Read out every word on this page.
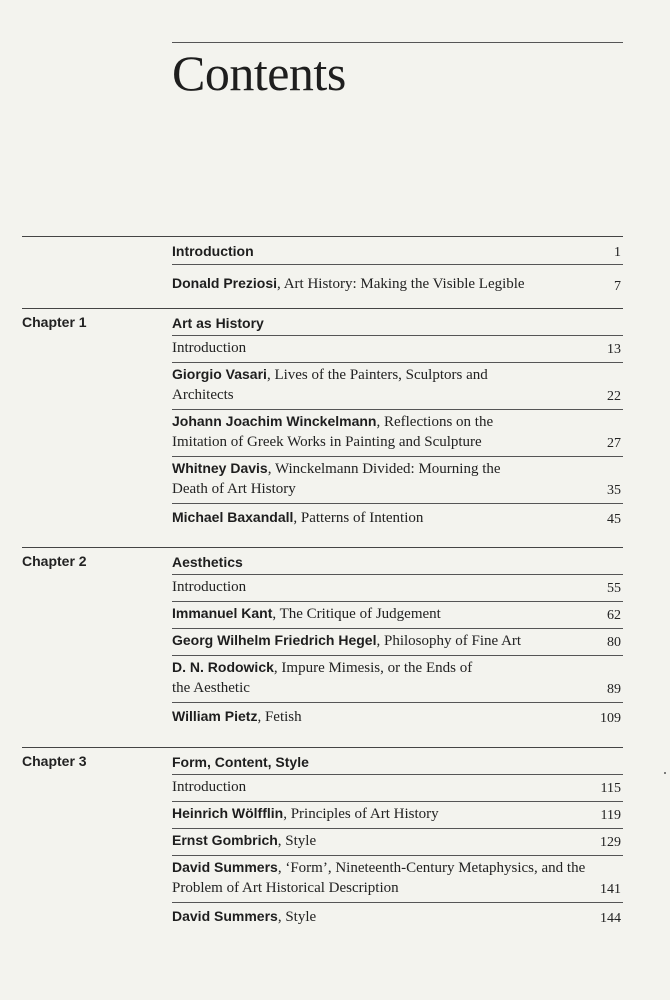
Contents
Introduction	1
Donald Preziosi, Art History: Making the Visible Legible	7
Chapter 1	Art as History
Introduction	13
Giorgio Vasari, Lives of the Painters, Sculptors and Architects	22
Johann Joachim Winckelmann, Reflections on the Imitation of Greek Works in Painting and Sculpture	27
Whitney Davis, Winckelmann Divided: Mourning the Death of Art History	35
Michael Baxandall, Patterns of Intention	45
Chapter 2	Aesthetics
Introduction	55
Immanuel Kant, The Critique of Judgement	62
Georg Wilhelm Friedrich Hegel, Philosophy of Fine Art	80
D. N. Rodowick, Impure Mimesis, or the Ends of the Aesthetic	89
William Pietz, Fetish	109
Chapter 3	Form, Content, Style
Introduction	115
Heinrich Wölfflin, Principles of Art History	119
Ernst Gombrich, Style	129
David Summers, ‘Form’, Nineteenth-Century Metaphysics, and the Problem of Art Historical Description	141
David Summers, Style	144
